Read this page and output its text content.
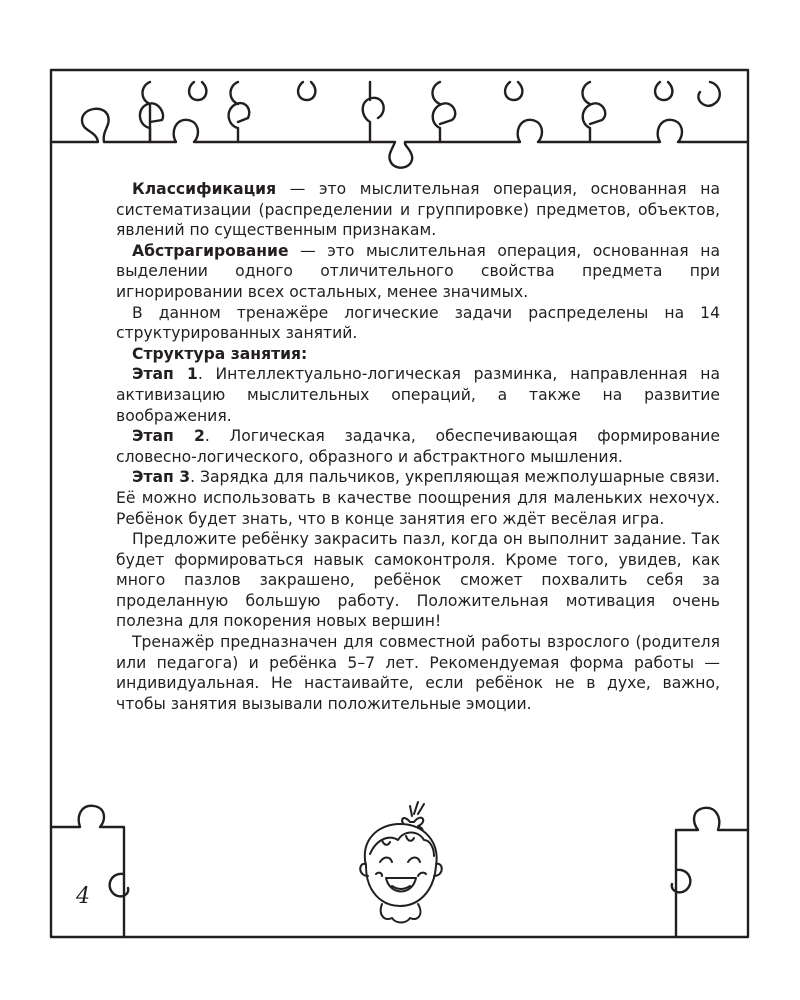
Классификация — это мыслительная операция, основанная на систематизации (распределении и группировке) предметов, объектов, явлений по существенным признакам.

Абстрагирование — это мыслительная операция, основанная на выделении одного отличительного свойства предмета при игнорировании всех остальных, менее значимых.

В данном тренажёре логические задачи распределены на 14 структурированных занятий.

Структура занятия:

Этап 1. Интеллектуально-логическая разминка, направленная на активизацию мыслительных операций, а также на развитие воображения.

Этап 2. Логическая задачка, обеспечивающая формирование словесно-логического, образного и абстрактного мышления.

Этап 3. Зарядка для пальчиков, укрепляющая межполушарные связи. Её можно использовать в качестве поощрения для маленьких нехочух. Ребёнок будет знать, что в конце занятия его ждёт весёлая игра.

Предложите ребёнку закрасить пазл, когда он выполнит задание. Так будет формироваться навык самоконтроля. Кроме того, увидев, как много пазлов закрашено, ребёнок сможет похвалить себя за проделанную большую работу. Положительная мотивация очень полезна для покорения новых вершин!

Тренажёр предназначен для совместной работы взрослого (родителя или педагога) и ребёнка 5–7 лет. Рекомендуемая форма работы — индивидуальная. Не настаивайте, если ребёнок не в духе, важно, чтобы занятия вызывали положительные эмоции.

4
